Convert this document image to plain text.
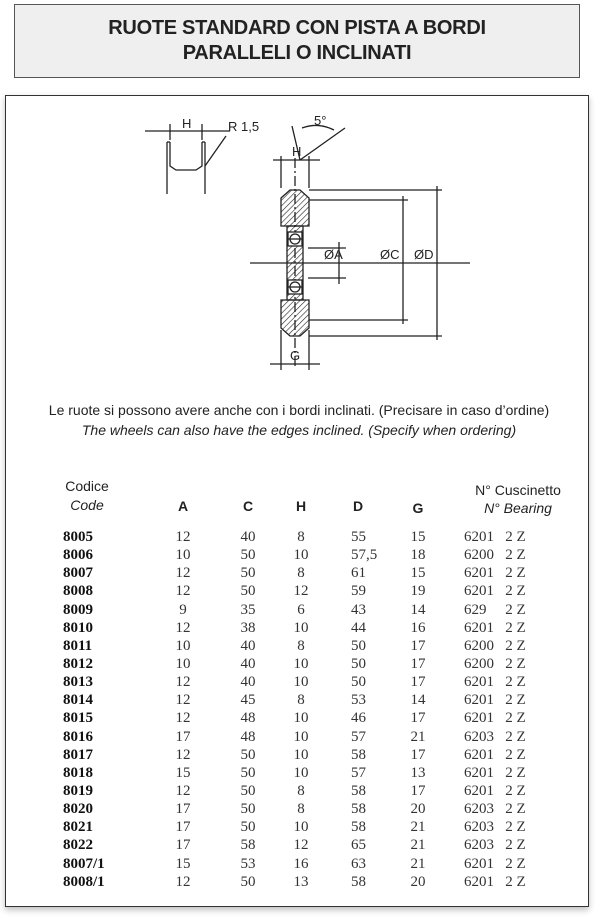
RUOTE STANDARD CON PISTA A BORDI
PARALLELI O INCLINATI
H	R 1,5	5°
H
ØA	ØC ØD
G
Le ruote si possono avere anche con i bordi inclinati. (Precisare in caso d’ordine)
The wheels can also have the edges inclined. (Specify when ordering)
Codice
Code	A	C	H	D	G
N° Cuscinetto
N° Bearing
8005	12	40	8	55	15	6201   2 Z
8006	10	50	10	57,5	18	6200   2 Z
8007	12	50	8	61	15	6201   2 Z
8008	12	50	12	59	19	6201   2 Z
8009	9	35	6	43	14	629     2 Z
8010	12	38	10	44	16	6201   2 Z
8011	10	40	8	50	17	6200   2 Z
8012	10	40	10	50	17	6200   2 Z
8013	12	40	10	50	17	6201   2 Z
8014	12	45	8	53	14	6201   2 Z
8015	12	48	10	46	17	6201   2 Z
8016	17	48	10	57	21	6203   2 Z
8017	12	50	10	58	17	6201   2 Z
8018	15	50	10	57	13	6201   2 Z
8019	12	50	8	58	17	6201   2 Z
8020	17	50	8	58	20	6203   2 Z
8021	17	50	10	58	21	6203   2 Z
8022	17	58	12	65	21	6203   2 Z
8007/1	15	53	16	63	21	6201   2 Z
8008/1	12	50	13	58	20	6201   2 Z
